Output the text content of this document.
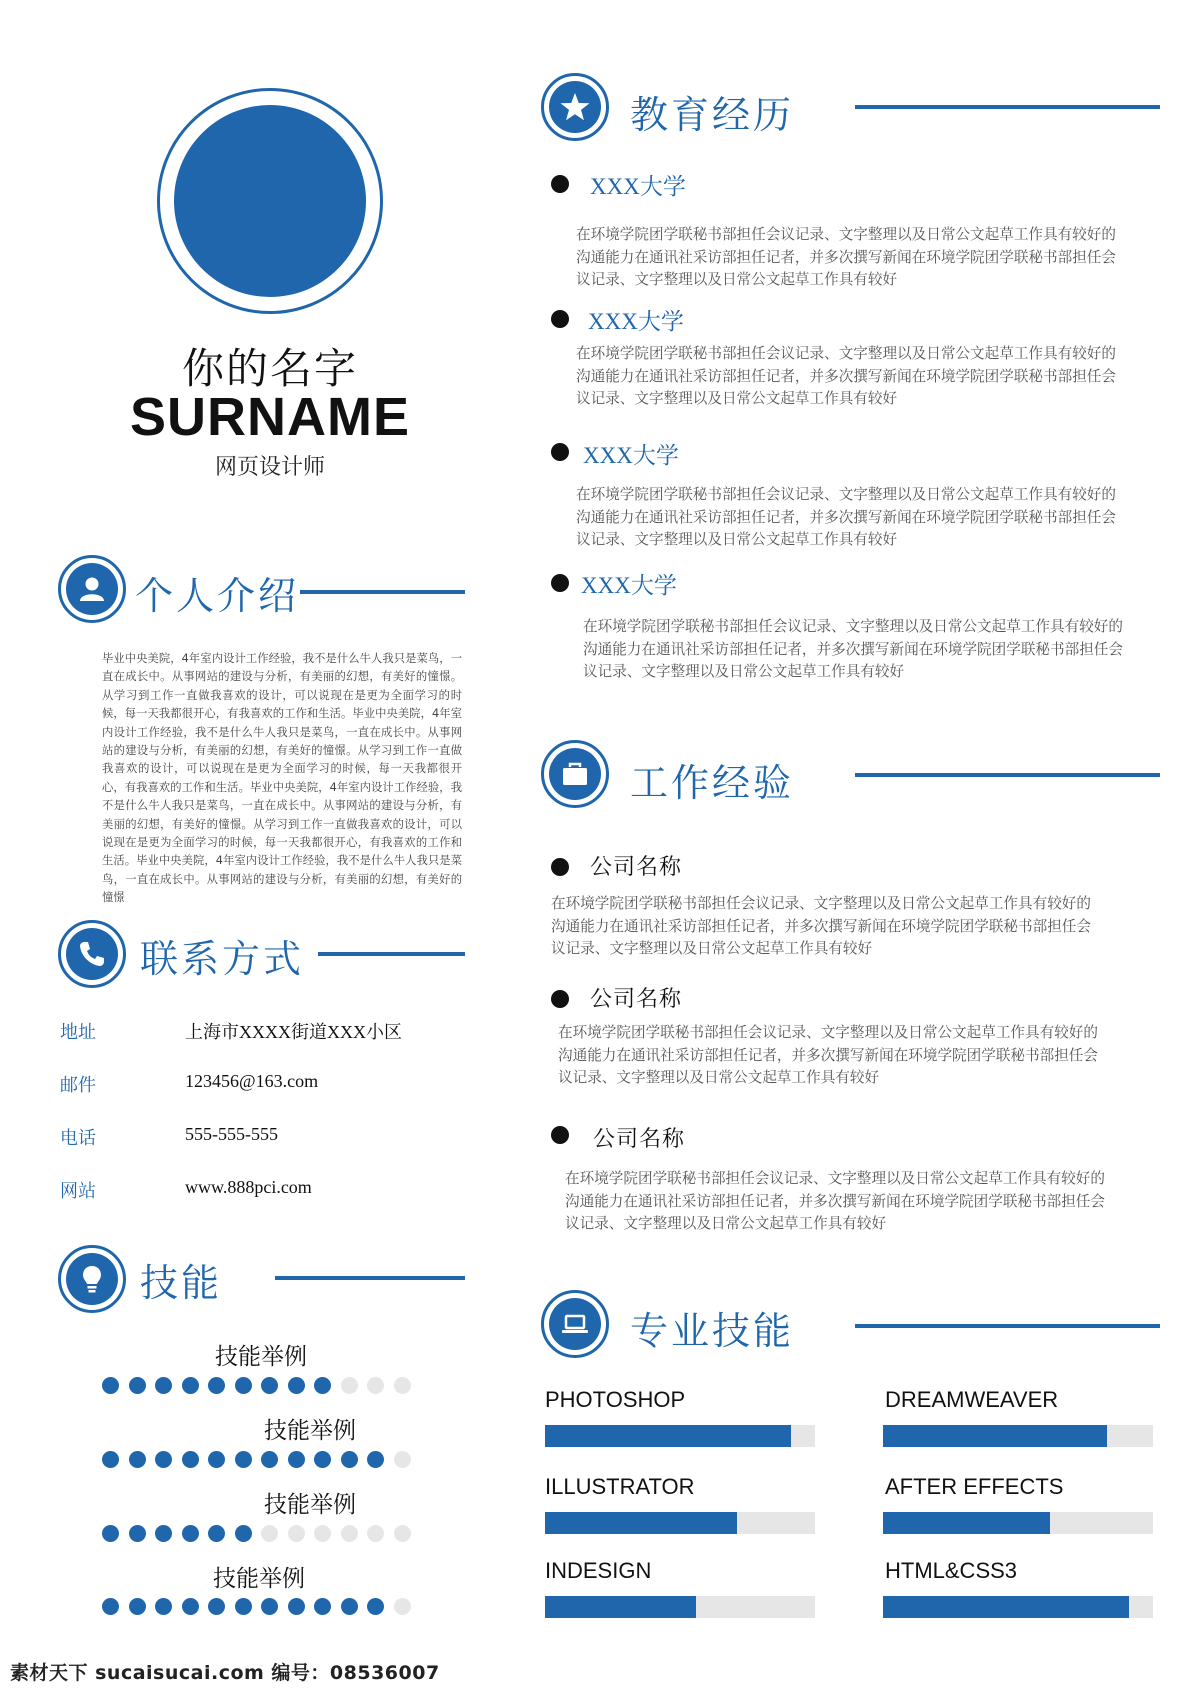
你的名字
SURNAME
网页设计师
个人介绍
毕业中央美院，4年室内设计工作经验，我不是什么牛人我只是菜鸟，一直在成长中。从事网站的建设与分析，有美丽的幻想，有美好的憧憬。从学习到工作一直做我喜欢的设计，可以说现在是更为全面学习的时候，每一天我都很开心，有我喜欢的工作和生活。毕业中央美院，4年室内设计工作经验，我不是什么牛人我只是菜鸟，一直在成长中。从事网站的建设与分析，有美丽的幻想，有美好的憧憬。从学习到工作一直做我喜欢的设计，可以说现在是更为全面学习的时候，每一天我都很开心，有我喜欢的工作和生活。毕业中央美院，4年室内设计工作经验，我不是什么牛人我只是菜鸟，一直在成长中。从事网站的建设与分析，有美丽的幻想，有美好的憧憬。从学习到工作一直做我喜欢的设计，可以说现在是更为全面学习的时候，每一天我都很开心，有我喜欢的工作和生活。毕业中央美院，4年室内设计工作经验，我不是什么牛人我只是菜鸟，一直在成长中。从事网站的建设与分析，有美丽的幻想，有美好的憧憬
联系方式
地址	上海市XXXX街道XXX小区
邮件	123456@163.com
电话	555-555-555
网站	www.888pci.com
技能
技能举例
技能举例
技能举例
技能举例
教育经历
XXX大学
在环境学院团学联秘书部担任会议记录、文字整理以及日常公文起草工作具有较好的沟通能力在通讯社采访部担任记者，并多次撰写新闻在环境学院团学联秘书部担任会议记录、文字整理以及日常公文起草工作具有较好
XXX大学
在环境学院团学联秘书部担任会议记录、文字整理以及日常公文起草工作具有较好的沟通能力在通讯社采访部担任记者，并多次撰写新闻在环境学院团学联秘书部担任会议记录、文字整理以及日常公文起草工作具有较好
XXX大学
在环境学院团学联秘书部担任会议记录、文字整理以及日常公文起草工作具有较好的沟通能力在通讯社采访部担任记者，并多次撰写新闻在环境学院团学联秘书部担任会议记录、文字整理以及日常公文起草工作具有较好
XXX大学
在环境学院团学联秘书部担任会议记录、文字整理以及日常公文起草工作具有较好的沟通能力在通讯社采访部担任记者，并多次撰写新闻在环境学院团学联秘书部担任会议记录、文字整理以及日常公文起草工作具有较好
工作经验
公司名称
在环境学院团学联秘书部担任会议记录、文字整理以及日常公文起草工作具有较好的沟通能力在通讯社采访部担任记者，并多次撰写新闻在环境学院团学联秘书部担任会议记录、文字整理以及日常公文起草工作具有较好
公司名称
在环境学院团学联秘书部担任会议记录、文字整理以及日常公文起草工作具有较好的沟通能力在通讯社采访部担任记者，并多次撰写新闻在环境学院团学联秘书部担任会议记录、文字整理以及日常公文起草工作具有较好
公司名称
在环境学院团学联秘书部担任会议记录、文字整理以及日常公文起草工作具有较好的沟通能力在通讯社采访部担任记者，并多次撰写新闻在环境学院团学联秘书部担任会议记录、文字整理以及日常公文起草工作具有较好
专业技能
PHOTOSHOP	DREAMWEAVER
ILLUSTRATOR	AFTER EFFECTS
INDESIGN	HTML&CSS3
素材天下 sucaisucai.com 编号：08536007
